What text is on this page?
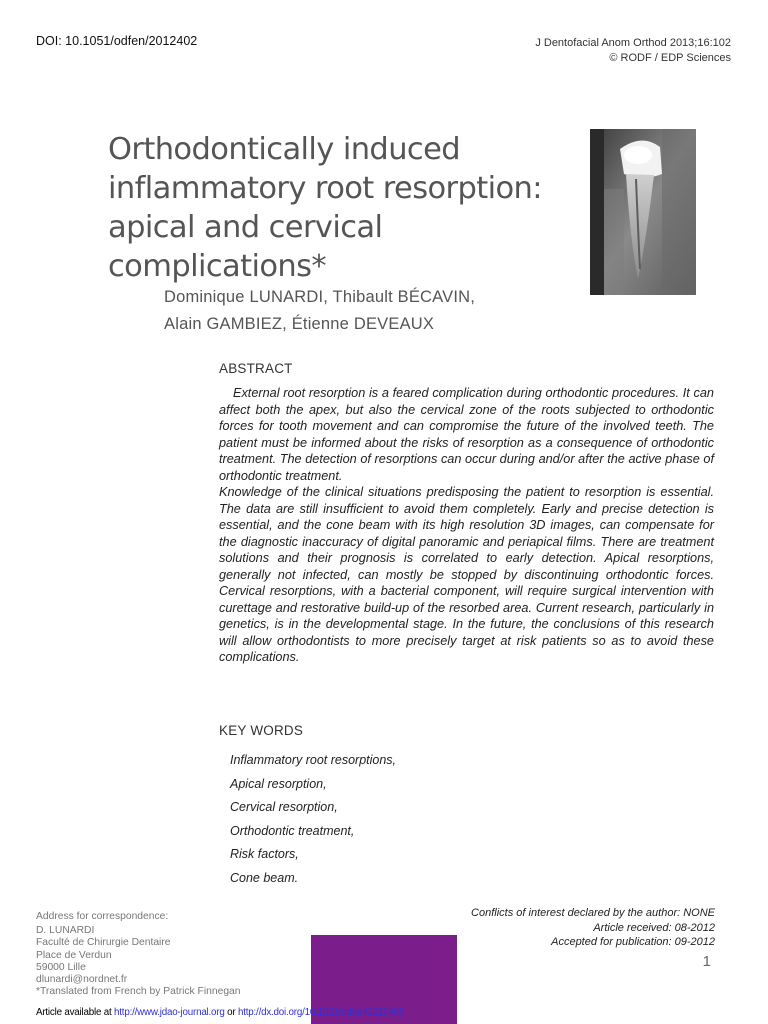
DOI: 10.1051/odfen/2012402	J Dentofacial Anom Orthod 2013;16:102
© RODF / EDP Sciences
Orthodontically induced
inflammatory root resorption:
apical and cervical complications*
Dominique LUNARDI, Thibault BÉCAVIN,
Alain GAMBIEZ, Étienne DEVEAUX
ABSTRACT

External root resorption is a feared complication during orthodontic procedures. It can affect both the apex, but also the cervical zone of the roots subjected to orthodontic forces for tooth movement and can compromise the future of the involved teeth. The patient must be informed about the risks of resorption as a consequence of orthodontic treatment. The detection of resorptions can occur during and/or after the active phase of orthodontic treatment.

Knowledge of the clinical situations predisposing the patient to resorption is essential. The data are still insufficient to avoid them completely. Early and precise detection is essential, and the cone beam with its high resolution 3D images, can compensate for the diagnostic inaccuracy of digital panoramic and periapical films. There are treatment solutions and their prognosis is correlated to early detection. Apical resorptions, generally not infected, can mostly be stopped by discontinuing orthodontic forces. Cervical resorptions, with a bacterial component, will require surgical intervention with curettage and restorative build-up of the resorbed area. Current research, particularly in genetics, is in the developmental stage. In the future, the conclusions of this research will allow orthodontists to more precisely target at risk patients so as to avoid these complications.

KEY WORDS
Inflammatory root resorptions,
Apical resorption,
Cervical resorption,
Orthodontic treatment,
Risk factors,
Cone beam.
Address for correspondence:
D. LUNARDI
Faculté de Chirurgie Dentaire
Place de Verdun
59000 Lille
dlunardi@nordnet.fr
*Translated from French by Patrick Finnegan
Conflicts of interest declared by the author: NONE
Article received: 08-2012
Accepted for publication: 09-2012
1
Article available at http://www.jdao-journal.org or http://dx.doi.org/10.1051/odfen/2012402
